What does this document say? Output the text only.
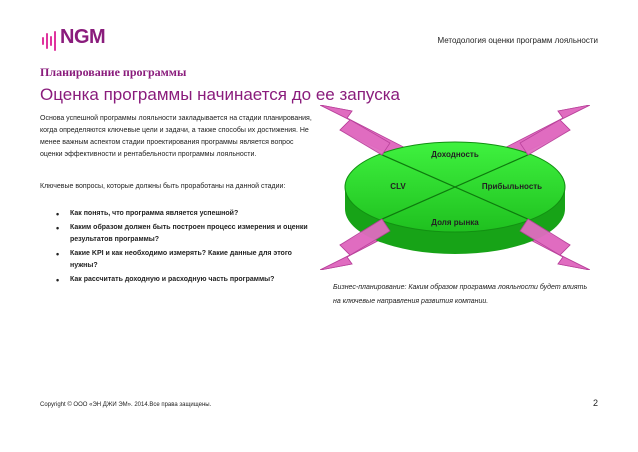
NGM	Методология оценки программ лояльности
Планирование программы
Оценка программы начинается до ее запуска
Основа успешной программы лояльности закладывается на стадии планирования, когда определяются ключевые цели и задачи, а также способы их достижения. Не менее важным аспектом стадии проектирования программы является вопрос оценки эффективности и рентабельности программы лояльности.
Ключевые вопросы, которые должны быть проработаны на данной стадии:
• Как понять, что программа является успешной?
• Каким образом должен быть построен процесс измерения и оценки результатов программы?
• Какие KPI и как необходимо измерять? Какие данные для этого нужны?
• Как рассчитать доходную и расходную часть программы?
Доходность
CLV	Прибыльность
Доля рынка
Бизнес-планирование: Каким образом программа лояльности будет влиять на ключевые направления развития компании.
Copyright © ООО «ЭН ДЖИ ЭМ». 2014.Все права защищены.	2
